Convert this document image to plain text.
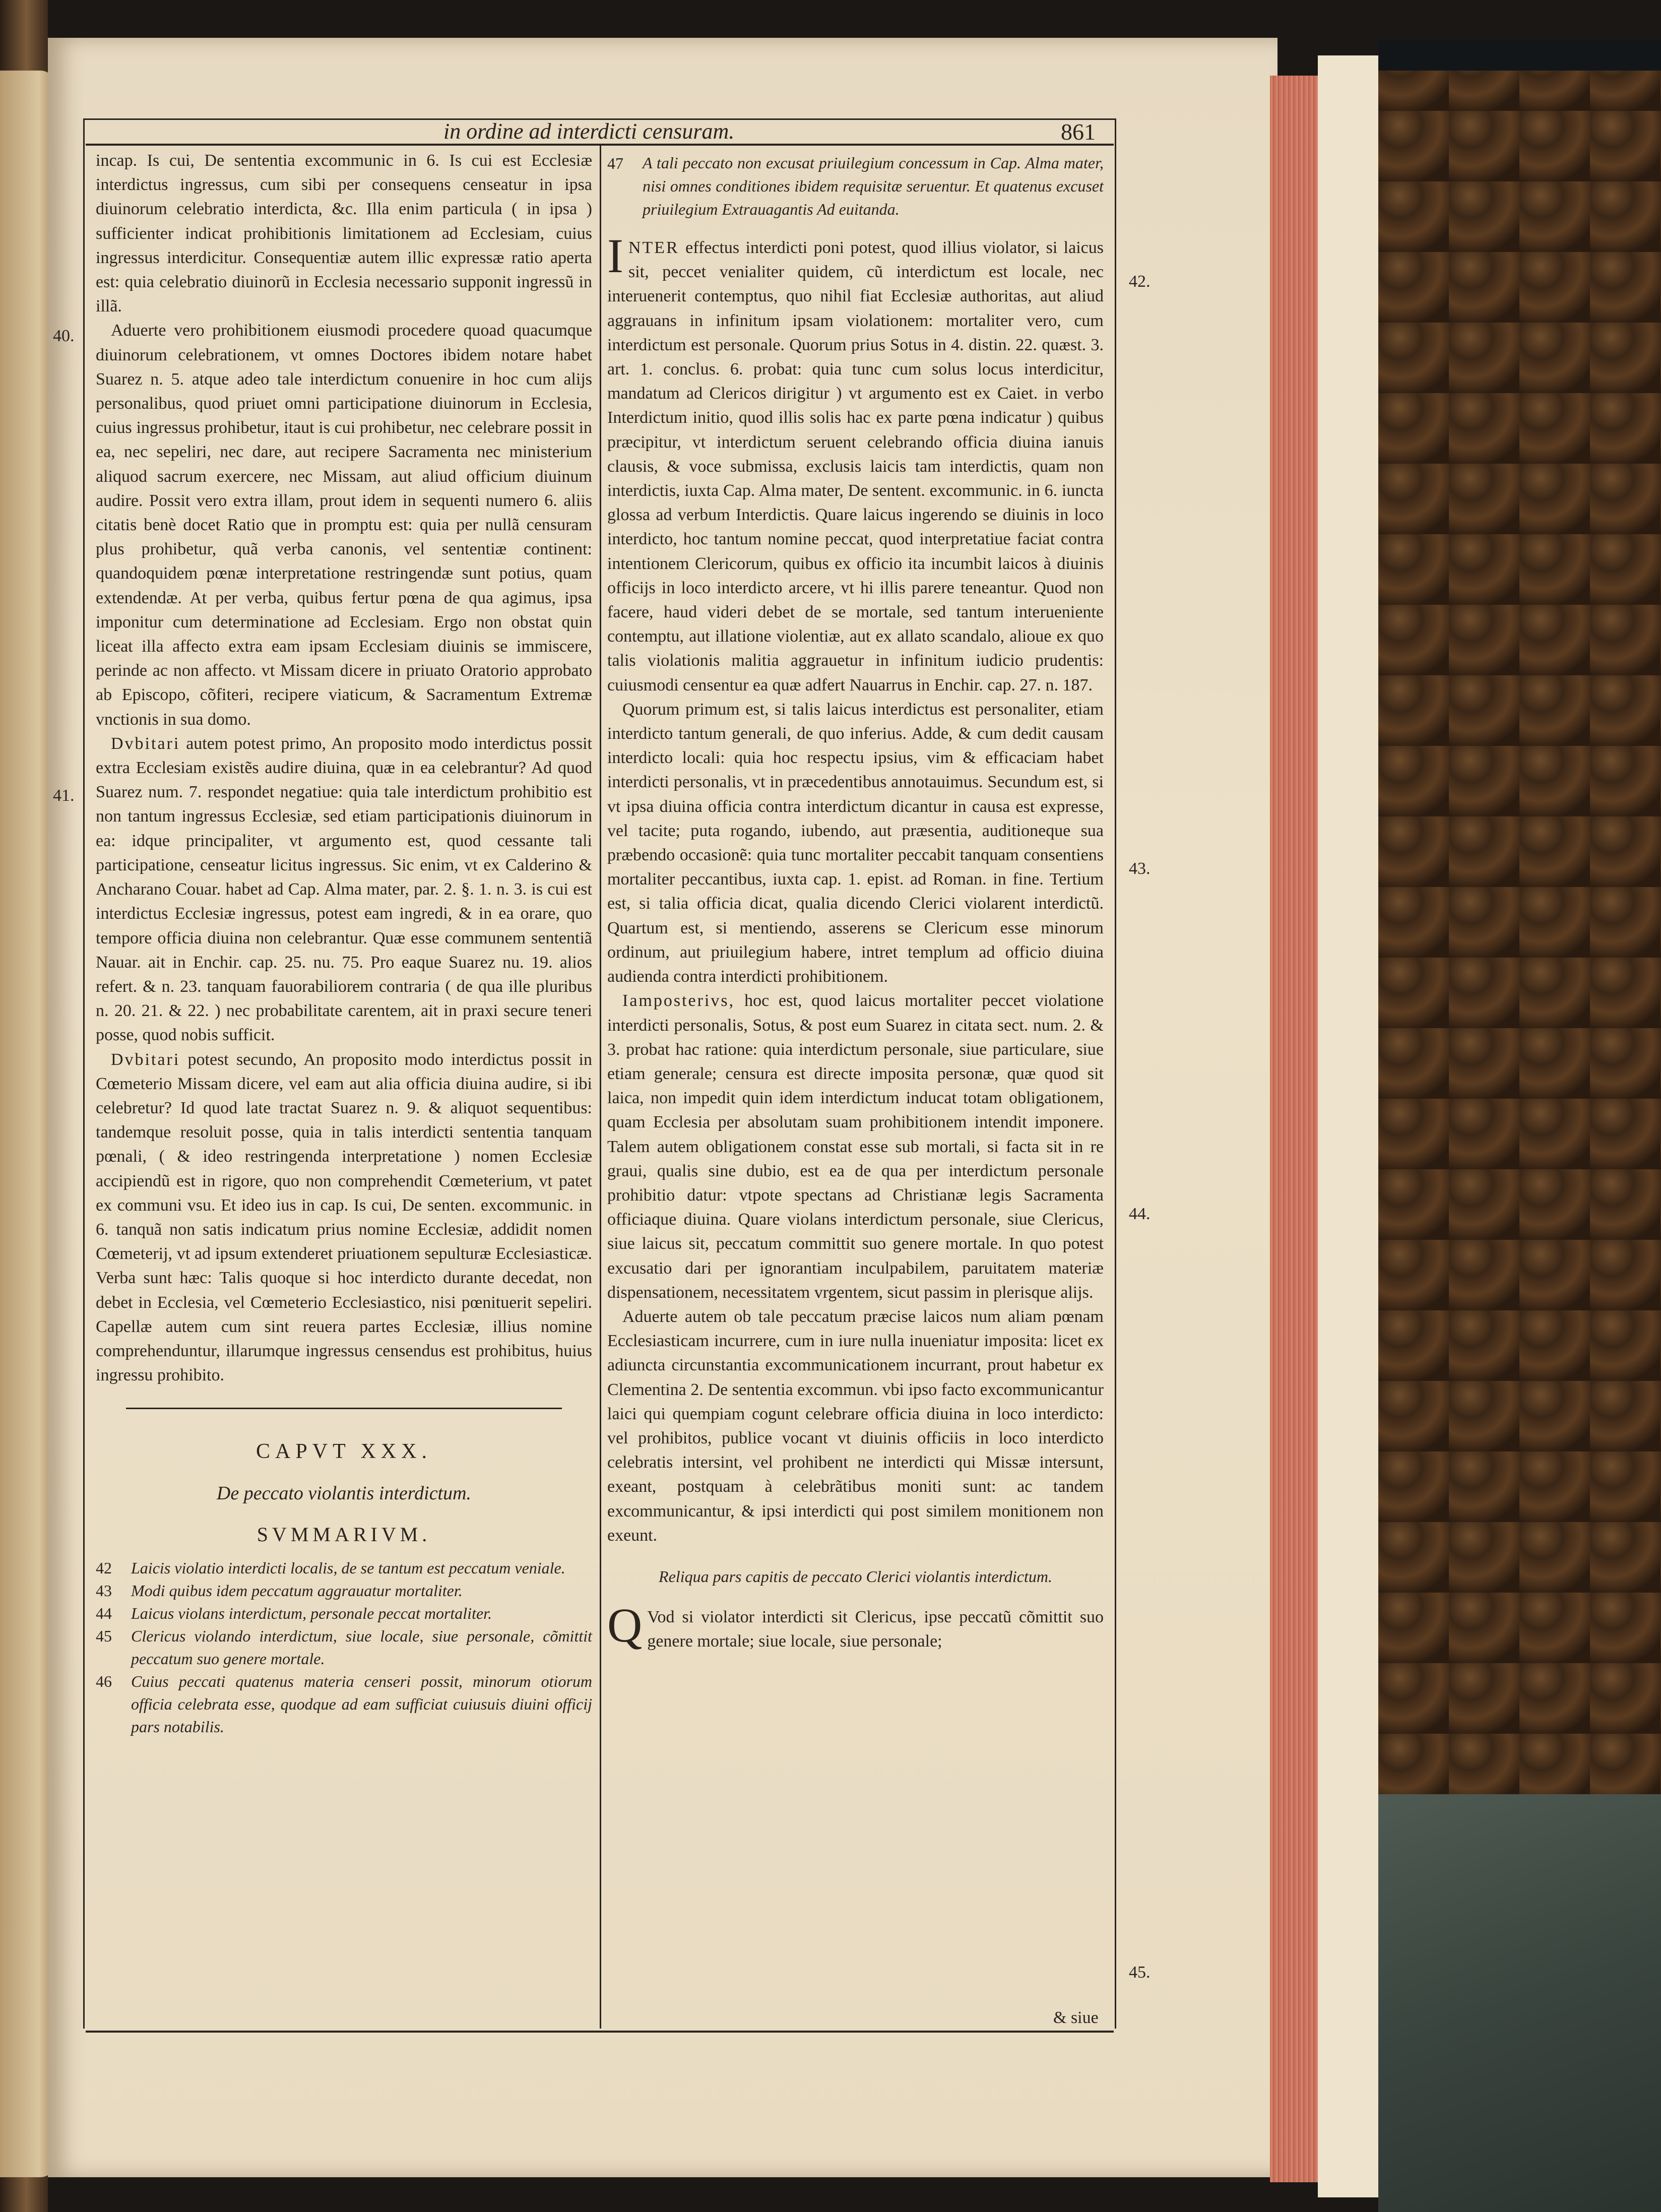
in ordine ad interdicti censuram.	861

incap. Is cui, De sententia excommunic in 6. Is cui est Ecclesiæ interdictus ingressus, cum sibi per consequens censeatur in ipsa diuinorum celebratio interdicta, &c. Illa enim particula ( in ipsa ) sufficienter indicat prohibitionis limitationem ad Ecclesiam, cuius ingressus interdicitur. Consequentiæ autem illic expressæ ratio aperta est: quia celebratio diuinorũ in Ecclesia necessario supponit ingressũ in illã.

Aduerte vero prohibitionem eiusmodi procedere quoad quacumque diuinorum celebrationem, vt omnes Doctores ibidem notare habet Suarez n. 5. atque adeo tale interdictum conuenire in hoc cum alijs personalibus, quod priuet omni participatione diuinorum in Ecclesia, cuius ingressus prohibetur, itaut is cui prohibetur, nec celebrare possit in ea, nec sepeliri, nec dare, aut recipere Sacramenta nec ministerium aliquod sacrum exercere, nec Missam, aut aliud officium diuinum audire. Possit vero extra illam, prout idem in sequenti numero 6. aliis citatis benè docet Ratio que in promptu est: quia per nullã censuram plus prohibetur, quã verba canonis, vel sententiæ continent: quandoquidem pœnæ interpretatione restringendæ sunt potius, quam extendendæ. At per verba, quibus fertur pœna de qua agimus, ipsa imponitur cum determinatione ad Ecclesiam. Ergo non obstat quin liceat illa affecto extra eam ipsam Ecclesiam diuinis se immiscere, perinde ac non affecto. vt Missam dicere in priuato Oratorio approbato ab Episcopo, cõfiteri, recipere viaticum, & Sacramentum Extremæ vnctionis in sua domo.

Dvbitari autem potest primo, An proposito modo interdictus possit extra Ecclesiam existẽs audire diuina, quæ in ea celebrantur? Ad quod Suarez num. 7. respondet negatiue: quia tale interdictum prohibitio est non tantum ingressus Ecclesiæ, sed etiam participationis diuinorum in ea: idque principaliter, vt argumento est, quod cessante tali participatione, censeatur licitus ingressus. Sic enim, vt ex Calderino & Ancharano Couar. habet ad Cap. Alma mater, par. 2. §. 1. n. 3. is cui est interdictus Ecclesiæ ingressus, potest eam ingredi, & in ea orare, quo tempore officia diuina non celebrantur. Quæ esse communem sententiã Nauar. ait in Enchir. cap. 25. nu. 75. Pro eaque Suarez nu. 19. alios refert. & n. 23. tanquam fauorabiliorem contraria ( de qua ille pluribus n. 20. 21. & 22. ) nec probabilitate carentem, ait in praxi secure teneri posse, quod nobis sufficit.

Dvbitari potest secundo, An proposito modo interdictus possit in Cœmeterio Missam dicere, vel eam aut alia officia diuina audire, si ibi celebretur? Id quod late tractat Suarez n. 9. & aliquot sequentibus: tandemque resoluit posse, quia in talis interdicti sententia tanquam pœnali, ( & ideo restringenda interpretatione ) nomen Ecclesiæ accipiendũ est in rigore, quo non comprehendit Cœmeterium, vt patet ex communi vsu. Et ideo ius in cap. Is cui, De senten. excommunic. in 6. tanquã non satis indicatum prius nomine Ecclesiæ, addidit nomen Cœmeterij, vt ad ipsum extenderet priuationem sepulturæ Ecclesiasticæ. Verba sunt hæc: Talis quoque si hoc interdicto durante decedat, non debet in Ecclesia, vel Cœmeterio Ecclesiastico, nisi pœnituerit sepeliri. Capellæ autem cum sint reuera partes Ecclesiæ, illius nomine comprehenduntur, illarumque ingressus censendus est prohibitus, huius ingressu prohibito.

CAPVT XXX.

De peccato violantis interdictum.

SVMMARIVM.

42	Laicis violatio interdicti localis, de se tantum est peccatum veniale.
43	Modi quibus idem peccatum aggrauatur mortaliter.
44	Laicus violans interdictum, personale peccat mortaliter.
45	Clericus violando interdictum, siue locale, siue personale, cõmittit peccatum suo genere mortale.
46	Cuius peccati quatenus materia censeri possit, minorum otiorum officia celebrata esse, quodque ad eam sufficiat cuiusuis diuini officij pars notabilis.
47	A tali peccato non excusat priuilegium concessum in Cap. Alma mater, nisi omnes conditiones ibidem requisitæ seruentur. Et quatenus excuset priuilegium Extrauagantis Ad euitanda.

I NTER effectus interdicti poni potest, quod illius violator, si laicus sit, peccet venialiter quidem, cũ interdictum est locale, nec interuenerit contemptus, quo nihil fiat Ecclesiæ authoritas, aut aliud aggrauans in infinitum ipsam violationem: mortaliter vero, cum interdictum est personale. Quorum prius Sotus in 4. distin. 22. quæst. 3. art. 1. conclus. 6. probat: quia tunc cum solus locus interdicitur, mandatum ad Clericos dirigitur ) vt argumento est ex Caiet. in verbo Interdictum initio, quod illis solis hac ex parte pœna indicatur ) quibus præcipitur, vt interdictum seruent celebrando officia diuina ianuis clausis, & voce submissa, exclusis laicis tam interdictis, quam non interdictis, iuxta Cap. Alma mater, De sentent. excommunic. in 6. iuncta glossa ad verbum Interdictis. Quare laicus ingerendo se diuinis in loco interdicto, hoc tantum nomine peccat, quod interpretatiue faciat contra intentionem Clericorum, quibus ex officio ita incumbit laicos à diuinis officijs in loco interdicto arcere, vt hi illis parere teneantur. Quod non facere, haud videri debet de se mortale, sed tantum interueniente contemptu, aut illatione violentiæ, aut ex allato scandalo, alioue ex quo talis violationis malitia aggrauetur in infinitum iudicio prudentis: cuiusmodi censentur ea quæ adfert Nauarrus in Enchir. cap. 27. n. 187.

Quorum primum est, si talis laicus interdictus est personaliter, etiam interdicto tantum generali, de quo inferius. Adde, & cum dedit causam interdicto locali: quia hoc respectu ipsius, vim & efficaciam habet interdicti personalis, vt in præcedentibus annotauimus. Secundum est, si vt ipsa diuina officia contra interdictum dicantur in causa est expresse, vel tacite; puta rogando, iubendo, aut præsentia, auditioneque sua præbendo occasionẽ: quia tunc mortaliter peccabit tanquam consentiens mortaliter peccantibus, iuxta cap. 1. epist. ad Roman. in fine. Tertium est, si talia officia dicat, qualia dicendo Clerici violarent interdictũ. Quartum est, si mentiendo, asserens se Clericum esse minorum ordinum, aut priuilegium habere, intret templum ad officio diuina audienda contra interdicti prohibitionem.

Iamposterivs, hoc est, quod laicus mortaliter peccet violatione interdicti personalis, Sotus, & post eum Suarez in citata sect. num. 2. & 3. probat hac ratione: quia interdictum personale, siue particulare, siue etiam generale; censura est directe imposita personæ, quæ quod sit laica, non impedit quin idem interdictum inducat totam obligationem, quam Ecclesia per absolutam suam prohibitionem intendit imponere. Talem autem obligationem constat esse sub mortali, si facta sit in re graui, qualis sine dubio, est ea de qua per interdictum personale prohibitio datur: vtpote spectans ad Christianæ legis Sacramenta officiaque diuina. Quare violans interdictum personale, siue Clericus, siue laicus sit, peccatum committit suo genere mortale. In quo potest excusatio dari per ignorantiam inculpabilem, paruitatem materiæ dispensationem, necessitatem vrgentem, sicut passim in plerisque alijs.

Aduerte autem ob tale peccatum præcise laicos num aliam pœnam Ecclesiasticam incurrere, cum in iure nulla inueniatur imposita: licet ex adiuncta circunstantia excommunicationem incurrant, prout habetur ex Clementina 2. De sententia excommun. vbi ipso facto excommunicantur laici qui quempiam cogunt celebrare officia diuina in loco interdicto: vel prohibitos, publice vocant vt diuinis officiis in loco interdicto celebratis intersint, vel prohibent ne interdicti qui Missæ intersunt, exeant, postquam à celebrãtibus moniti sunt: ac tandem excommunicantur, & ipsi interdicti qui post similem monitionem non exeunt.

Reliqua pars capitis de peccato Clerici violantis interdictum.

Q Vod si violator interdicti sit Clericus, ipse peccatũ cõmittit suo genere mortale; siue locale, siue personale;

40.
41.
42.
43.
44.
45.
& siue
